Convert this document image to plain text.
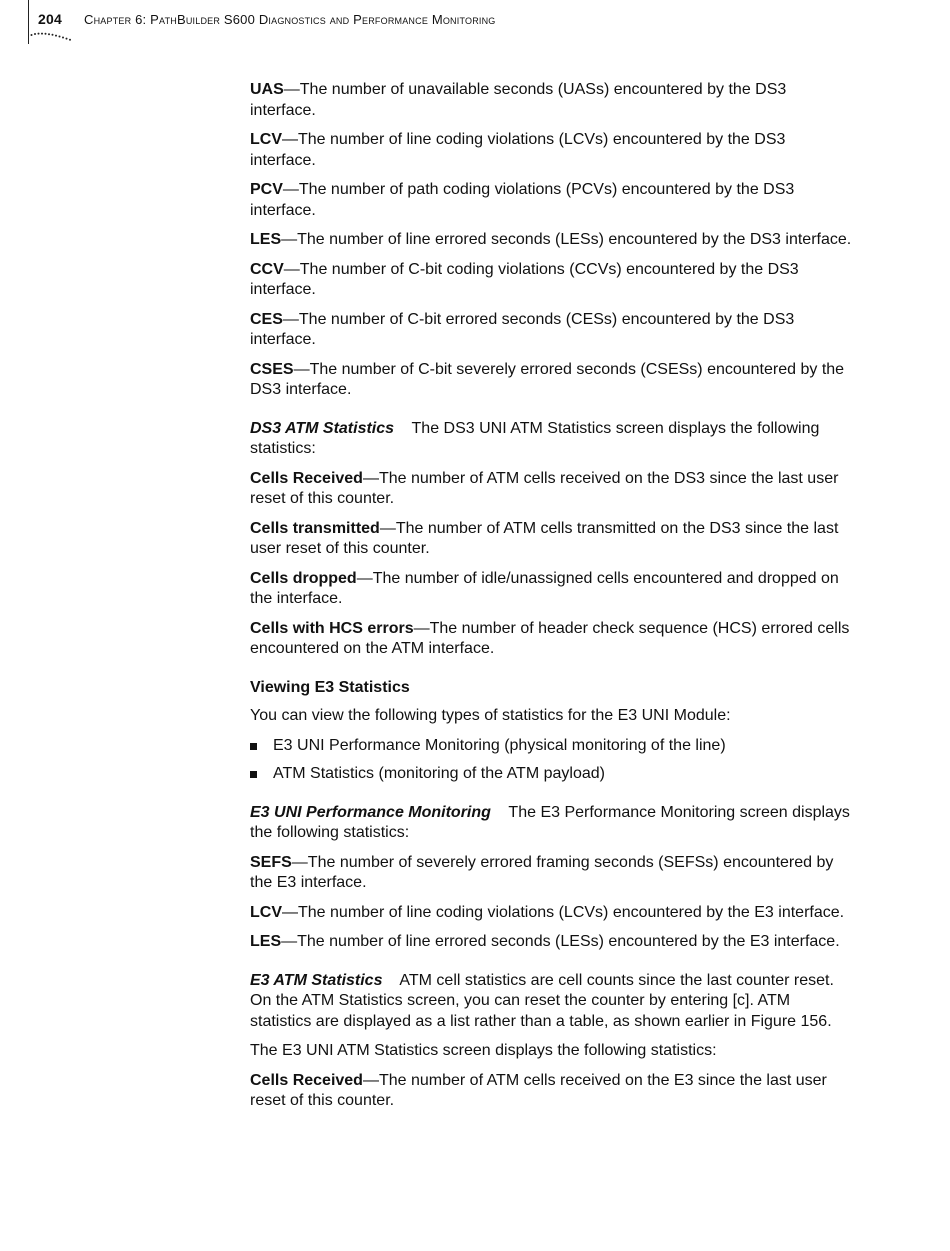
204 Chapter 6: PathBuilder S600 Diagnostics and Performance Monitoring

UAS—The number of unavailable seconds (UASs) encountered by the DS3 interface.

LCV—The number of line coding violations (LCVs) encountered by the DS3 interface.

PCV—The number of path coding violations (PCVs) encountered by the DS3 interface.

LES—The number of line errored seconds (LESs) encountered by the DS3 interface.

CCV—The number of C-bit coding violations (CCVs) encountered by the DS3 interface.

CES—The number of C-bit errored seconds (CESs) encountered by the DS3 interface.

CSES—The number of C-bit severely errored seconds (CSESs) encountered by the DS3 interface.

DS3 ATM Statistics The DS3 UNI ATM Statistics screen displays the following statistics:

Cells Received—The number of ATM cells received on the DS3 since the last user reset of this counter.

Cells transmitted—The number of ATM cells transmitted on the DS3 since the last user reset of this counter.

Cells dropped—The number of idle/unassigned cells encountered and dropped on the interface.

Cells with HCS errors—The number of header check sequence (HCS) errored cells encountered on the ATM interface.

Viewing E3 Statistics

You can view the following types of statistics for the E3 UNI Module:

E3 UNI Performance Monitoring (physical monitoring of the line)
ATM Statistics (monitoring of the ATM payload)

E3 UNI Performance Monitoring The E3 Performance Monitoring screen displays the following statistics:

SEFS—The number of severely errored framing seconds (SEFSs) encountered by the E3 interface.

LCV—The number of line coding violations (LCVs) encountered by the E3 interface.

LES—The number of line errored seconds (LESs) encountered by the E3 interface.

E3 ATM Statistics ATM cell statistics are cell counts since the last counter reset. On the ATM Statistics screen, you can reset the counter by entering [c]. ATM statistics are displayed as a list rather than a table, as shown earlier in Figure 156.

The E3 UNI ATM Statistics screen displays the following statistics:

Cells Received—The number of ATM cells received on the E3 since the last user reset of this counter.
